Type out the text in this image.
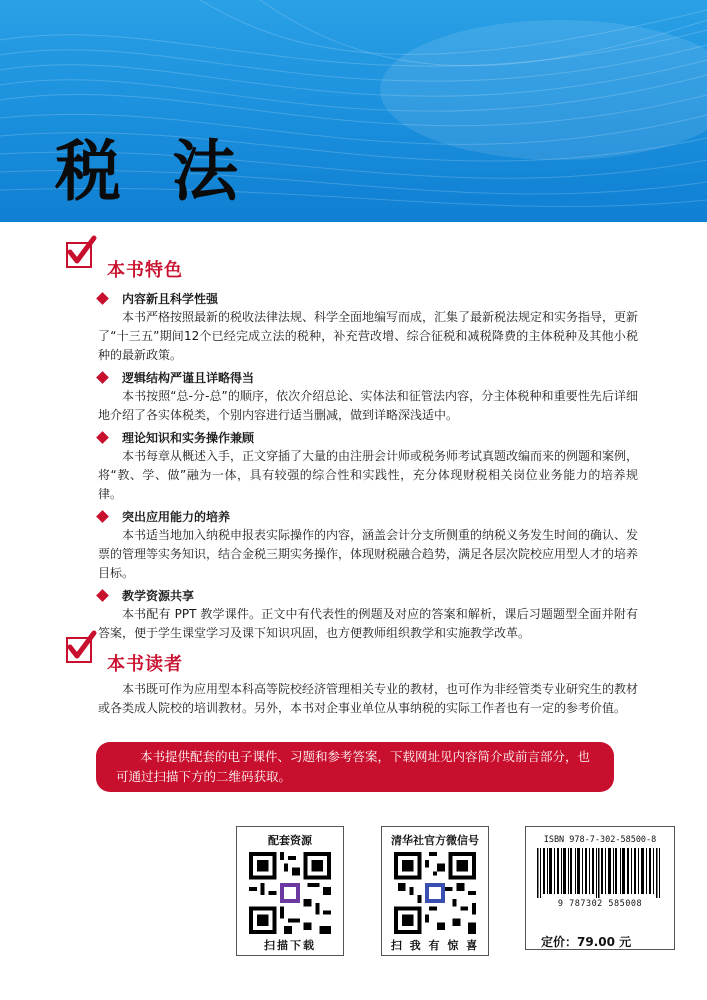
税 法
本书特色
内容新且科学性强
本书严格按照最新的税收法律法规、科学全面地编写而成，汇集了最新税法规定和实务指导，更新了“十三五”期间12个已经完成立法的税种，补充营改增、综合征税和减税降费的主体税种及其他小税种的最新政策。
逻辑结构严谨且详略得当
本书按照“总-分-总”的顺序，依次介绍总论、实体法和征管法内容，分主体税种和重要性先后详细地介绍了各实体税类，个别内容进行适当删减，做到详略深浅适中。
理论知识和实务操作兼顾
本书每章从概述入手，正文穿插了大量的由注册会计师或税务师考试真题改编而来的例题和案例，将“教、学、做”融为一体，具有较强的综合性和实践性，充分体现财税相关岗位业务能力的培养规律。
突出应用能力的培养
本书适当地加入纳税申报表实际操作的内容，涵盖会计分支所侧重的纳税义务发生时间的确认、发票的管理等实务知识，结合金税三期实务操作，体现财税融合趋势，满足各层次院校应用型人才的培养目标。
教学资源共享
本书配有 PPT 教学课件。正文中有代表性的例题及对应的答案和解析，课后习题题型全面并附有答案，便于学生课堂学习及课下知识巩固，也方便教师组织教学和实施教学改革。
本书读者
本书既可作为应用型本科高等院校经济管理相关专业的教材，也可作为非经管类专业研究生的教材或各类成人院校的培训教材。另外，本书对企事业单位从事纳税的实际工作者也有一定的参考价值。
本书提供配套的电子课件、习题和参考答案，下载网址见内容简介或前言部分，也可通过扫描下方的二维码获取。
配套资源
扫描下载
清华社官方微信号
扫 我 有 惊 喜
ISBN 978-7-302-58500-8
9 787302 585008
定价：79.00 元
